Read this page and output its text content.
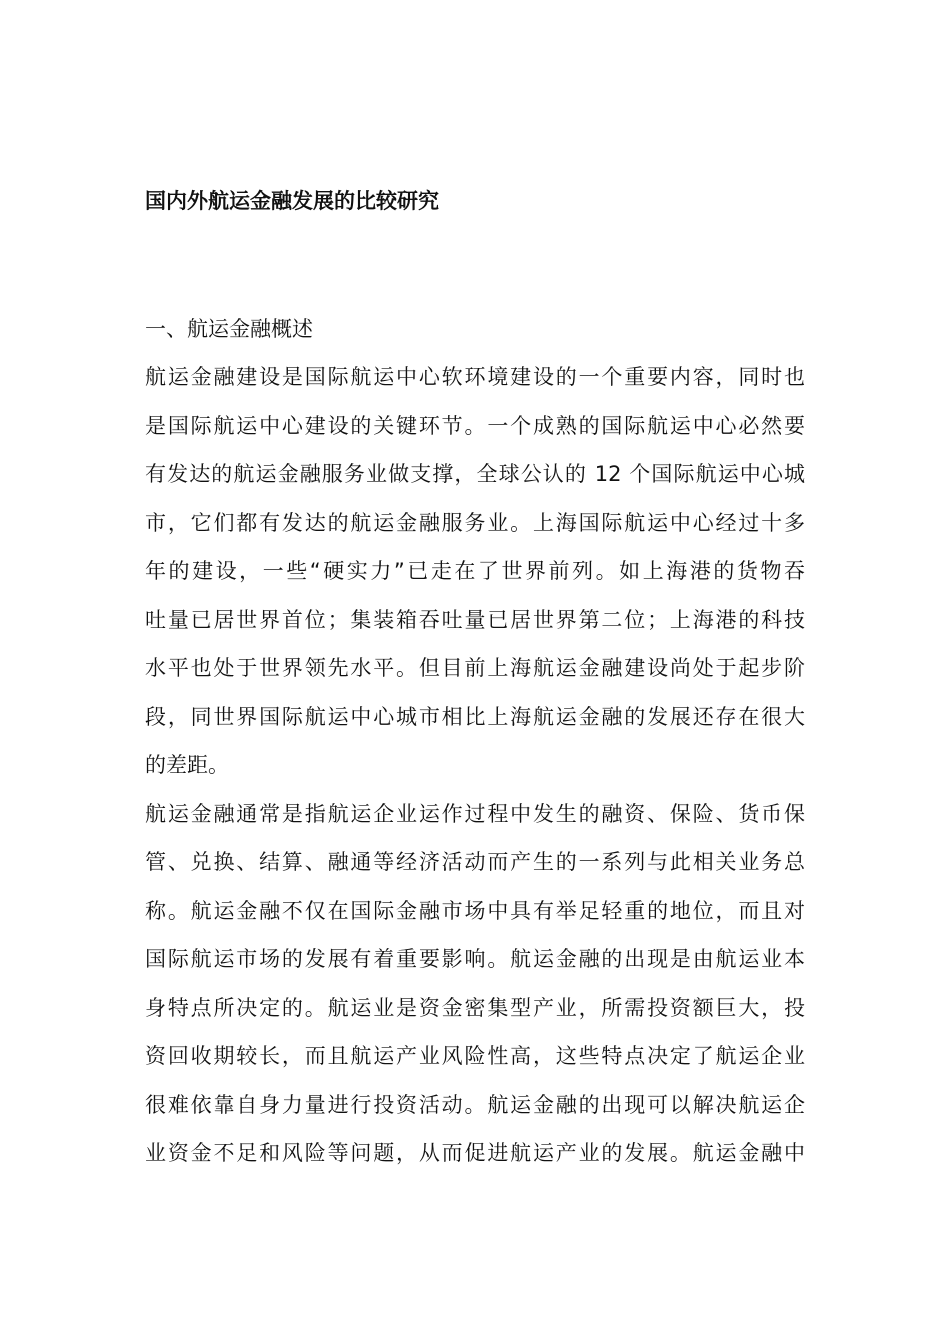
国内外航运金融发展的比较研究
一、航运金融概述

航运金融建设是国际航运中心软环境建设的一个重要内容，同时也
是国际航运中心建设的关键环节。一个成熟的国际航运中心必然要
有发达的航运金融服务业做支撑，全球公认的 12 个国际航运中心城
市，它们都有发达的航运金融服务业。上海国际航运中心经过十多
年的建设，一些“硬实力”已走在了世界前列。如上海港的货物吞
吐量已居世界首位；集装箱吞吐量已居世界第二位；上海港的科技
水平也处于世界领先水平。但目前上海航运金融建设尚处于起步阶
段，同世界国际航运中心城市相比上海航运金融的发展还存在很大
的差距。

航运金融通常是指航运企业运作过程中发生的融资、保险、货币保
管、兑换、结算、融通等经济活动而产生的一系列与此相关业务总
称。航运金融不仅在国际金融市场中具有举足轻重的地位，而且对
国际航运市场的发展有着重要影响。航运金融的出现是由航运业本
身特点所决定的。航运业是资金密集型产业，所需投资额巨大，投
资回收期较长，而且航运产业风险性高，这些特点决定了航运企业
很难依靠自身力量进行投资活动。航运金融的出现可以解决航运企
业资金不足和风险等问题，从而促进航运产业的发展。航运金融中
